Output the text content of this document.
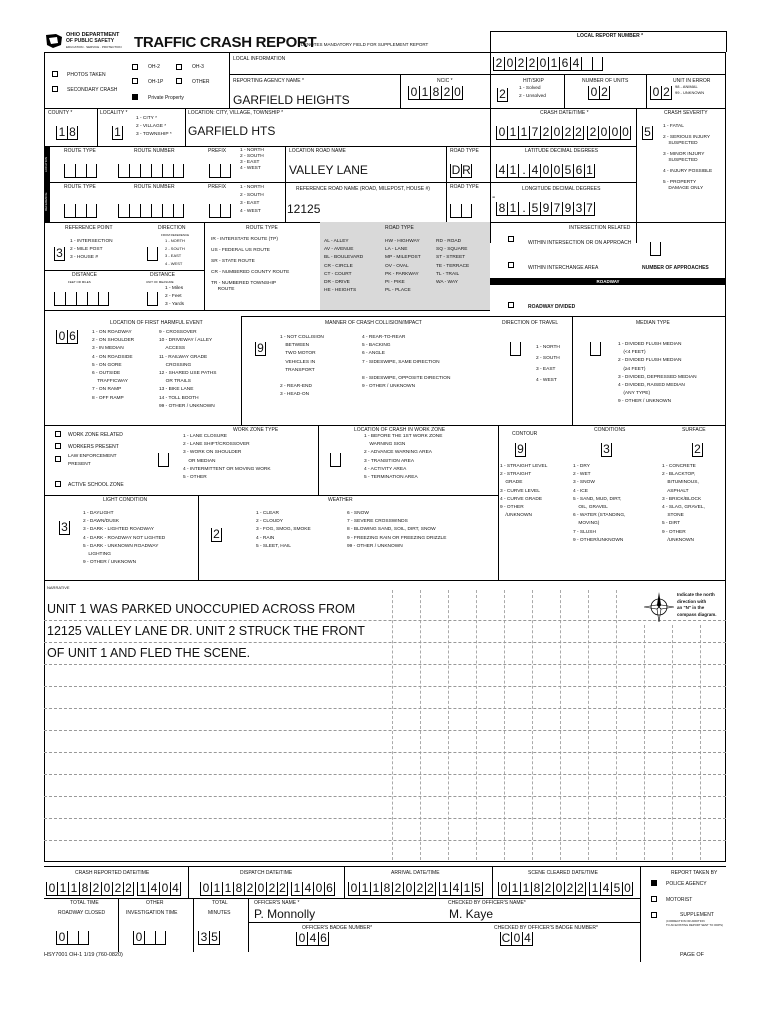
OHIO DEPARTMENT
OF PUBLIC SAFETY
EDUCATION · SERVICE · PROTECTION TRAFFIC CRASH REPORT
*DENOTES MANDATORY FIELD FOR SUPPLEMENT REPORT
LOCAL REPORT NUMBER *
2 0 2 2 0 1 6 4
LOCAL INFORMATION
OH-2	OH-3
PHOTOS TAKEN
OH-1P	OTHER
SECONDARY CRASH
Private Property
REPORTING AGENCY NAME *
GARFIELD HEIGHTS
NCIC *
0 1 8 2 0
HIT/SKIP
2	1 - Solved
2 - Unsolved
NUMBER OF UNITS
0 2
UNIT IN ERROR
0 2	98 - ANIMAL
99 - UNKNOWN
COUNTY *
1 8
LOCALITY *
1
1 - CITY *
2 - VILLAGE *
3 - TOWNSHIP *
LOCATION: CITY, VILLAGE, TOWNSHIP *
GARFIELD HTS
CRASH DATE/TIME *
0 1 1 7 2 0 2 2 2 0 0 0
CRASH SEVERITY
5	1 - FATAL

2 - SERIOUS INJURY
SUSPECTED

3 - MINOR INJURY
SUSPECTED

4 - INJURY POSSIBLE

5 - PROPERTY
DAMAGE ONLY
LOCATION
REFERENCE
ROUTE TYPE	ROUTE NUMBER	PREFIX	1 - NORTH
2 - SOUTH
3 - EAST
4 - WEST
LOCATION ROAD NAME
VALLEY LANE
ROAD TYPE
D R
LATITUDE DECIMAL DEGREES
4 1 . 4 0 0 5 6 1
ROUTE TYPE	ROUTE NUMBER	PREFIX	1 - NORTH
2 - SOUTH
3 - EAST
4 - WEST
REFERENCE ROAD NAME (ROAD, MILEPOST, HOUSE #)
12125
ROAD TYPE	LONGITUDE DECIMAL DEGREES
-
8 1 . 5 9 7 9 3 7
REFERENCE POINT
3
1 - INTERSECTION
2 - MILE POST
3 - HOUSE #
DIRECTION
FROM REFERENCE
1 - NORTH
2 - SOUTH
3 - EAST
4 - WEST
DISTANCE
FEET OR MILES
DISTANCE
UNIT OF MEASURE
1 - Miles
2 - Feet
3 - Yards
ROUTE TYPE
IR - INTERSTATE ROUTE (TP)

US - FEDERAL US ROUTE

SR - STATE ROUTE

CR - NUMBERED COUNTY ROUTE

TR - NUMBERED TOWNSHIP
ROUTE
ROAD TYPE
AL - ALLEY
AV - AVENUE
BL - BOULEVARD
CR - CIRCLE
CT - COURT
DR - DRIVE
HE - HEIGHTS
HW - HIGHWAY
LA - LANE
MP - MILEPOST
OV - OVAL
PK - PARKWAY
PI - PIKE
PL - PLACE
RD - ROAD
SQ - SQUARE
ST - STREET
TE - TERRACE
TL - TRAIL
WA - WAY
INTERSECTION RELATED
WITHIN INTERSECTION OR ON APPROACH
WITHIN INTERCHANGE AREA	NUMBER OF APPROACHES
ROADWAY
ROADWAY DIVIDED
LOCATION OF FIRST HARMFUL EVENT
0 6	1 - ON ROADWAY
2 - ON SHOULDER
3 - IN MEDIAN
4 - ON ROADSIDE
5 - ON GORE
6 - OUTSIDE
TRAFFICWAY
7 - ON RAMP
8 - OFF RAMP
9 - CROSSOVER
10 - DRIVEWAY / ALLEY
ACCESS
11 - RAILWAY GRADE
CROSSING
12 - SHARED USE PATHS
OR TRAILS
13 - BIKE LANE
14 - TOLL BOOTH
99 - OTHER / UNKNOWN
MANNER OF CRASH COLLISION/IMPACT
9
1 - NOT COLLISION
BETWEEN
TWO MOTOR
VEHICLES IN
TRANSPORT

2 - REAR-END
3 - HEAD-ON
4 - REAR-TO-REAR
5 - BACKING
6 - ANGLE
7 - SIDESWIPE, SAME DIRECTION

8 - SIDESWIPE, OPPOSITE DIRECTION
9 - OTHER / UNKNOWN
DIRECTION OF TRAVEL
1 - NORTH
2 - SOUTH
3 - EAST
4 - WEST
MEDIAN TYPE
1 - DIVIDED FLUSH MEDIAN
(<4 FEET)
2 - DIVIDED FLUSH MEDIAN
(≥4 FEET)
3 - DIVIDED, DEPRESSED MEDIAN
4 - DIVIDED, RAISED MEDIAN
(ANY TYPE)
9 - OTHER / UNKNOWN
WORK ZONE RELATED
WORKERS PRESENT
LAW ENFORCEMENT
PRESENT
ACTIVE SCHOOL ZONE
WORK ZONE TYPE
1 - LANE CLOSURE
2 - LANE SHIFT/CROSSOVER
3 - WORK ON SHOULDER
OR MEDIAN
4 - INTERMITTENT OR MOVING WORK
5 - OTHER
LOCATION OF CRASH IN WORK ZONE
1 - BEFORE THE 1ST WORK ZONE
WARNING SIGN
2 - ADVANCE WARNING AREA
3 - TRANSITION AREA
4 - ACTIVITY AREA
5 - TERMINATION AREA
CONTOUR
9
1 - STRAIGHT LEVEL
2 - STRAIGHT
GRADE
3 - CURVE LEVEL
4 - CURVE GRADE
9 - OTHER
/UNKNOWN
CONDITIONS
3
1 - DRY
2 - WET
3 - SNOW
4 - ICE
5 - SAND, MUD, DIRT,
OIL, GRAVEL
6 - WATER (STANDING,
MOVING)
7 - SLUSH
9 - OTHER/UNKNOWN
SURFACE
2
1 - CONCRETE
2 - BLACKTOP,
BITUMINOUS,
ASPHALT
3 - BRICK/BLOCK
4 - SLAG, GRAVEL,
STONE
5 - DIRT
9 - OTHER
/UNKNOWN
LIGHT CONDITION
3
1 - DAYLIGHT
2 - DAWN/DUSK
3 - DARK - LIGHTED ROADWAY
4 - DARK - ROADWAY NOT LIGHTED
5 - DARK - UNKNOWN ROADWAY
LIGHTING
9 - OTHER / UNKNOWN
WEATHER
2
1 - CLEAR
2 - CLOUDY
3 - FOG, SMOG, SMOKE
4 - RAIN
5 - SLEET, HAIL
6 - SNOW
7 - SEVERE CROSSWINDS
8 - BLOWING SAND, SOIL, DIRT, SNOW
9 - FREEZING RAIN OR FREEZING DRIZZLE
99 - OTHER / UNKNOWN
NARRATIVE
UNIT 1 WAS PARKED UNOCCUPIED ACROSS FROM
12125 VALLEY LANE DR. UNIT 2 STRUCK THE FRONT
OF UNIT 1 AND FLED THE SCENE.
Indicate the north
direction with
an "N" in the
compass diagram.
CRASH REPORTED DATE/TIME
0 1 1 8 2 0 2 2 1 4 0 4
DISPATCH DATE/TIME
0 1 1 8 2 0 2 2 1 4 0 6
ARRIVAL DATE/TIME
0 1 1 8 2 0 2 2 1 4 1 5
SCENE CLEARED DATE/TIME
0 1 1 8 2 0 2 2 1 4 5 0
REPORT TAKEN BY
POLICE AGENCY
MOTORIST
SUPPLEMENT
(CORRECTION OR ADDITION
TO AN EXISTING REPORT SENT TO ODPS)
TOTAL TIME
ROADWAY CLOSED
0
OTHER
INVESTIGATION TIME
0
TOTAL
MINUTES
3 5
OFFICER'S NAME *
P. Monnolly
OFFICER'S BADGE NUMBER*
0 4 6
CHECKED BY OFFICER'S NAME*
M. Kaye
CHECKED BY OFFICER'S BADGE NUMBER*
C 0 4
HSY7001 OH-1 1/19 (760-0820)	PAGE OF
